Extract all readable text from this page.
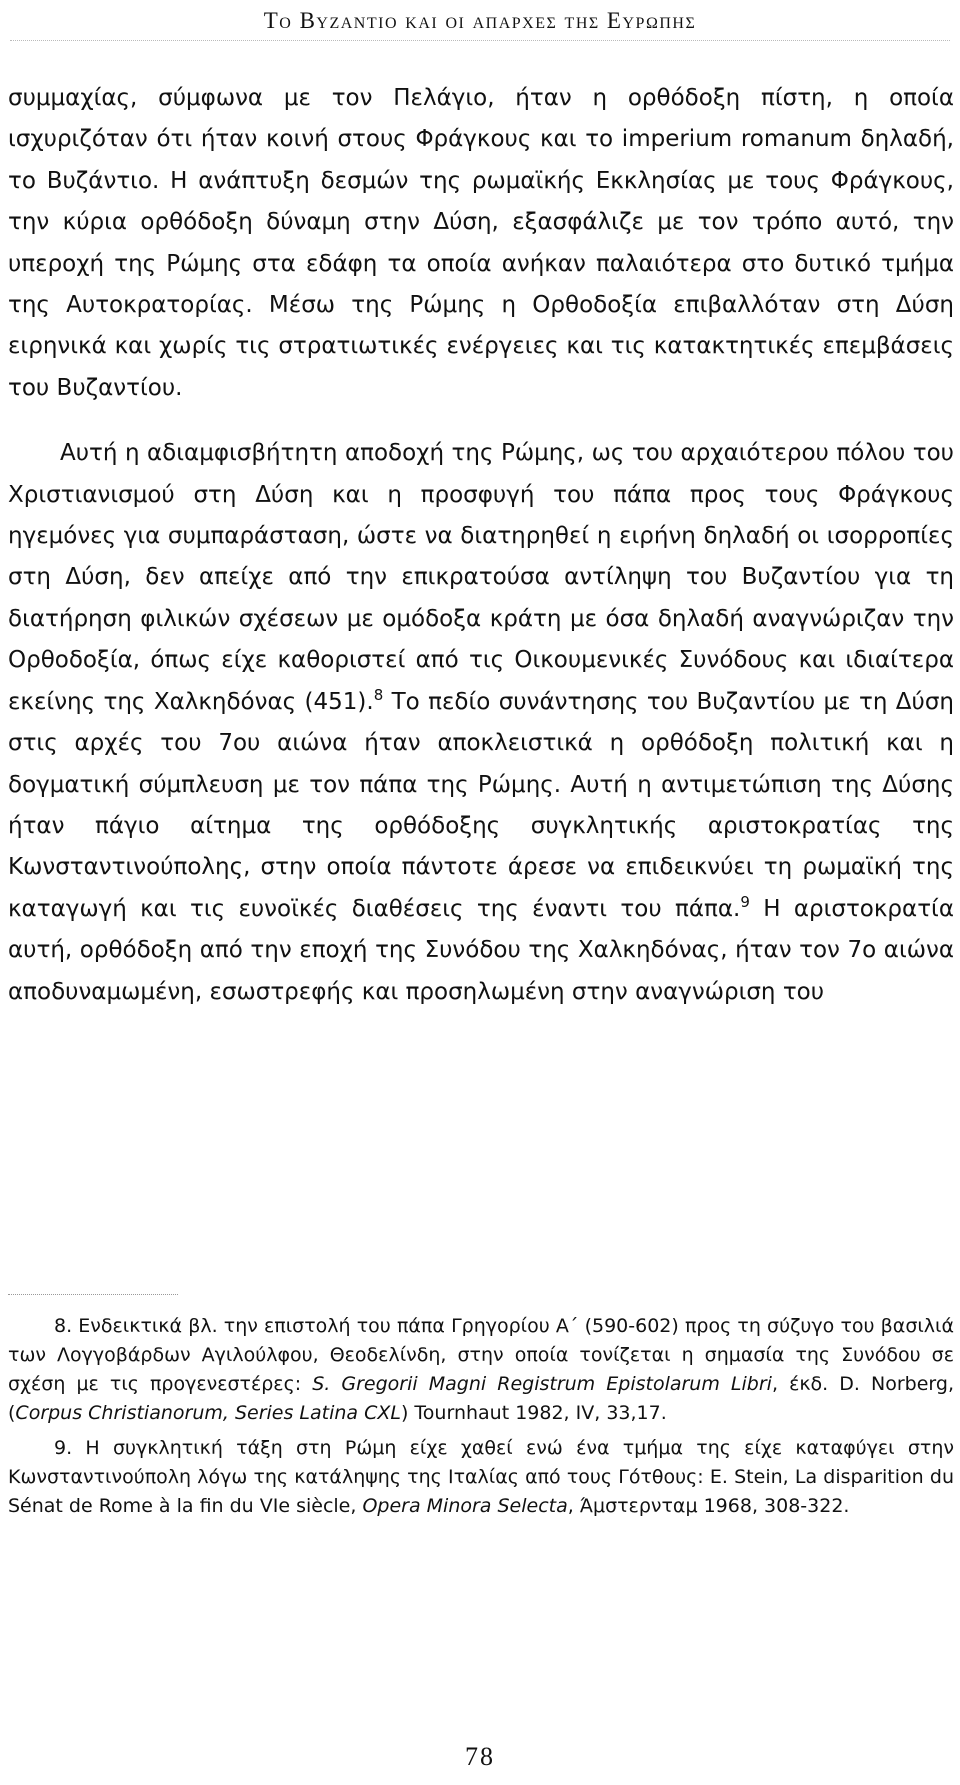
Το Βυζαντιο και οι απαρχες της Ευρωπης

συμμαχίας, σύμφωνα με τον Πελάγιο, ήταν η ορθόδοξη πίστη, η οποία ισχυριζόταν ότι ήταν κοινή στους Φράγκους και το imperium romanum δηλαδή, το Βυζάντιο. Η ανάπτυξη δεσμών της ρωμαϊκής Εκκλησίας με τους Φράγκους, την κύρια ορθόδοξη δύναμη στην Δύση, εξασφάλιζε με τον τρόπο αυτό, την υπεροχή της Ρώμης στα εδάφη τα οποία ανήκαν παλαιότερα στο δυτικό τμήμα της Αυτοκρατορίας. Μέσω της Ρώμης η Ορθοδοξία επιβαλλόταν στη Δύση ειρηνικά και χωρίς τις στρατιωτικές ενέργειες και τις κατακτητικές επεμβάσεις του Βυζαντίου.

Αυτή η αδιαμφισβήτητη αποδοχή της Ρώμης, ως του αρχαιότερου πόλου του Χριστιανισμού στη Δύση και η προσφυγή του πάπα προς τους Φράγκους ηγεμόνες για συμπαράσταση, ώστε να διατηρηθεί η ειρήνη δηλαδή οι ισορροπίες στη Δύση, δεν απείχε από την επικρατούσα αντίληψη του Βυζαντίου για τη διατήρηση φιλικών σχέσεων με ομόδοξα κράτη με όσα δηλαδή αναγνώριζαν την Ορθοδοξία, όπως είχε καθοριστεί από τις Οικουμενικές Συνόδους και ιδιαίτερα εκείνης της Χαλκηδόνας (451).$^8$ Το πεδίο συνάντησης του Βυζαντίου με τη Δύση στις αρχές του 7ου αιώνα ήταν αποκλειστικά η ορθόδοξη πολιτική και η δογματική σύμπλευση με τον πάπα της Ρώμης. Αυτή η αντιμετώπιση της Δύσης ήταν πάγιο αίτημα της ορθόδοξης συγκλητικής αριστοκρατίας της Κωνσταντινούπολης, στην οποία πάντοτε άρεσε να επιδεικνύει τη ρωμαϊκή της καταγωγή και τις ευνοϊκές διαθέσεις της έναντι του πάπα.$^9$ Η αριστοκρατία αυτή, ορθόδοξη από την εποχή της Συνόδου της Χαλκηδόνας, ήταν τον 7ο αιώνα αποδυναμωμένη, εσωστρεφής και προσηλωμένη στην αναγνώριση του

8. Ενδεικτικά βλ. την επιστολή του πάπα Γρηγορίου Α΄ (590-602) προς τη σύζυγο του βασιλιά των Λογγοβάρδων Αγιλούλφου, Θεοδελίνδη, στην οποία τονίζεται η σημασία της Συνόδου σε σχέση με τις προγενεστέρες: S. Gregorii Magni Registrum Epistolarum Libri, έκδ. D. Norberg, (Corpus Christianorum, Series Latina CXL) Tournhaut 1982, IV, 33,17.

9. Η συγκλητική τάξη στη Ρώμη είχε χαθεί ενώ ένα τμήμα της είχε καταφύγει στην Κωνσταντινούπολη λόγω της κατάληψης της Ιταλίας από τους Γότθους: E. Stein, La disparition du Sénat de Rome à la fin du VIe siècle, Opera Minora Selecta, Άμστερνταμ 1968, 308-322.

78
